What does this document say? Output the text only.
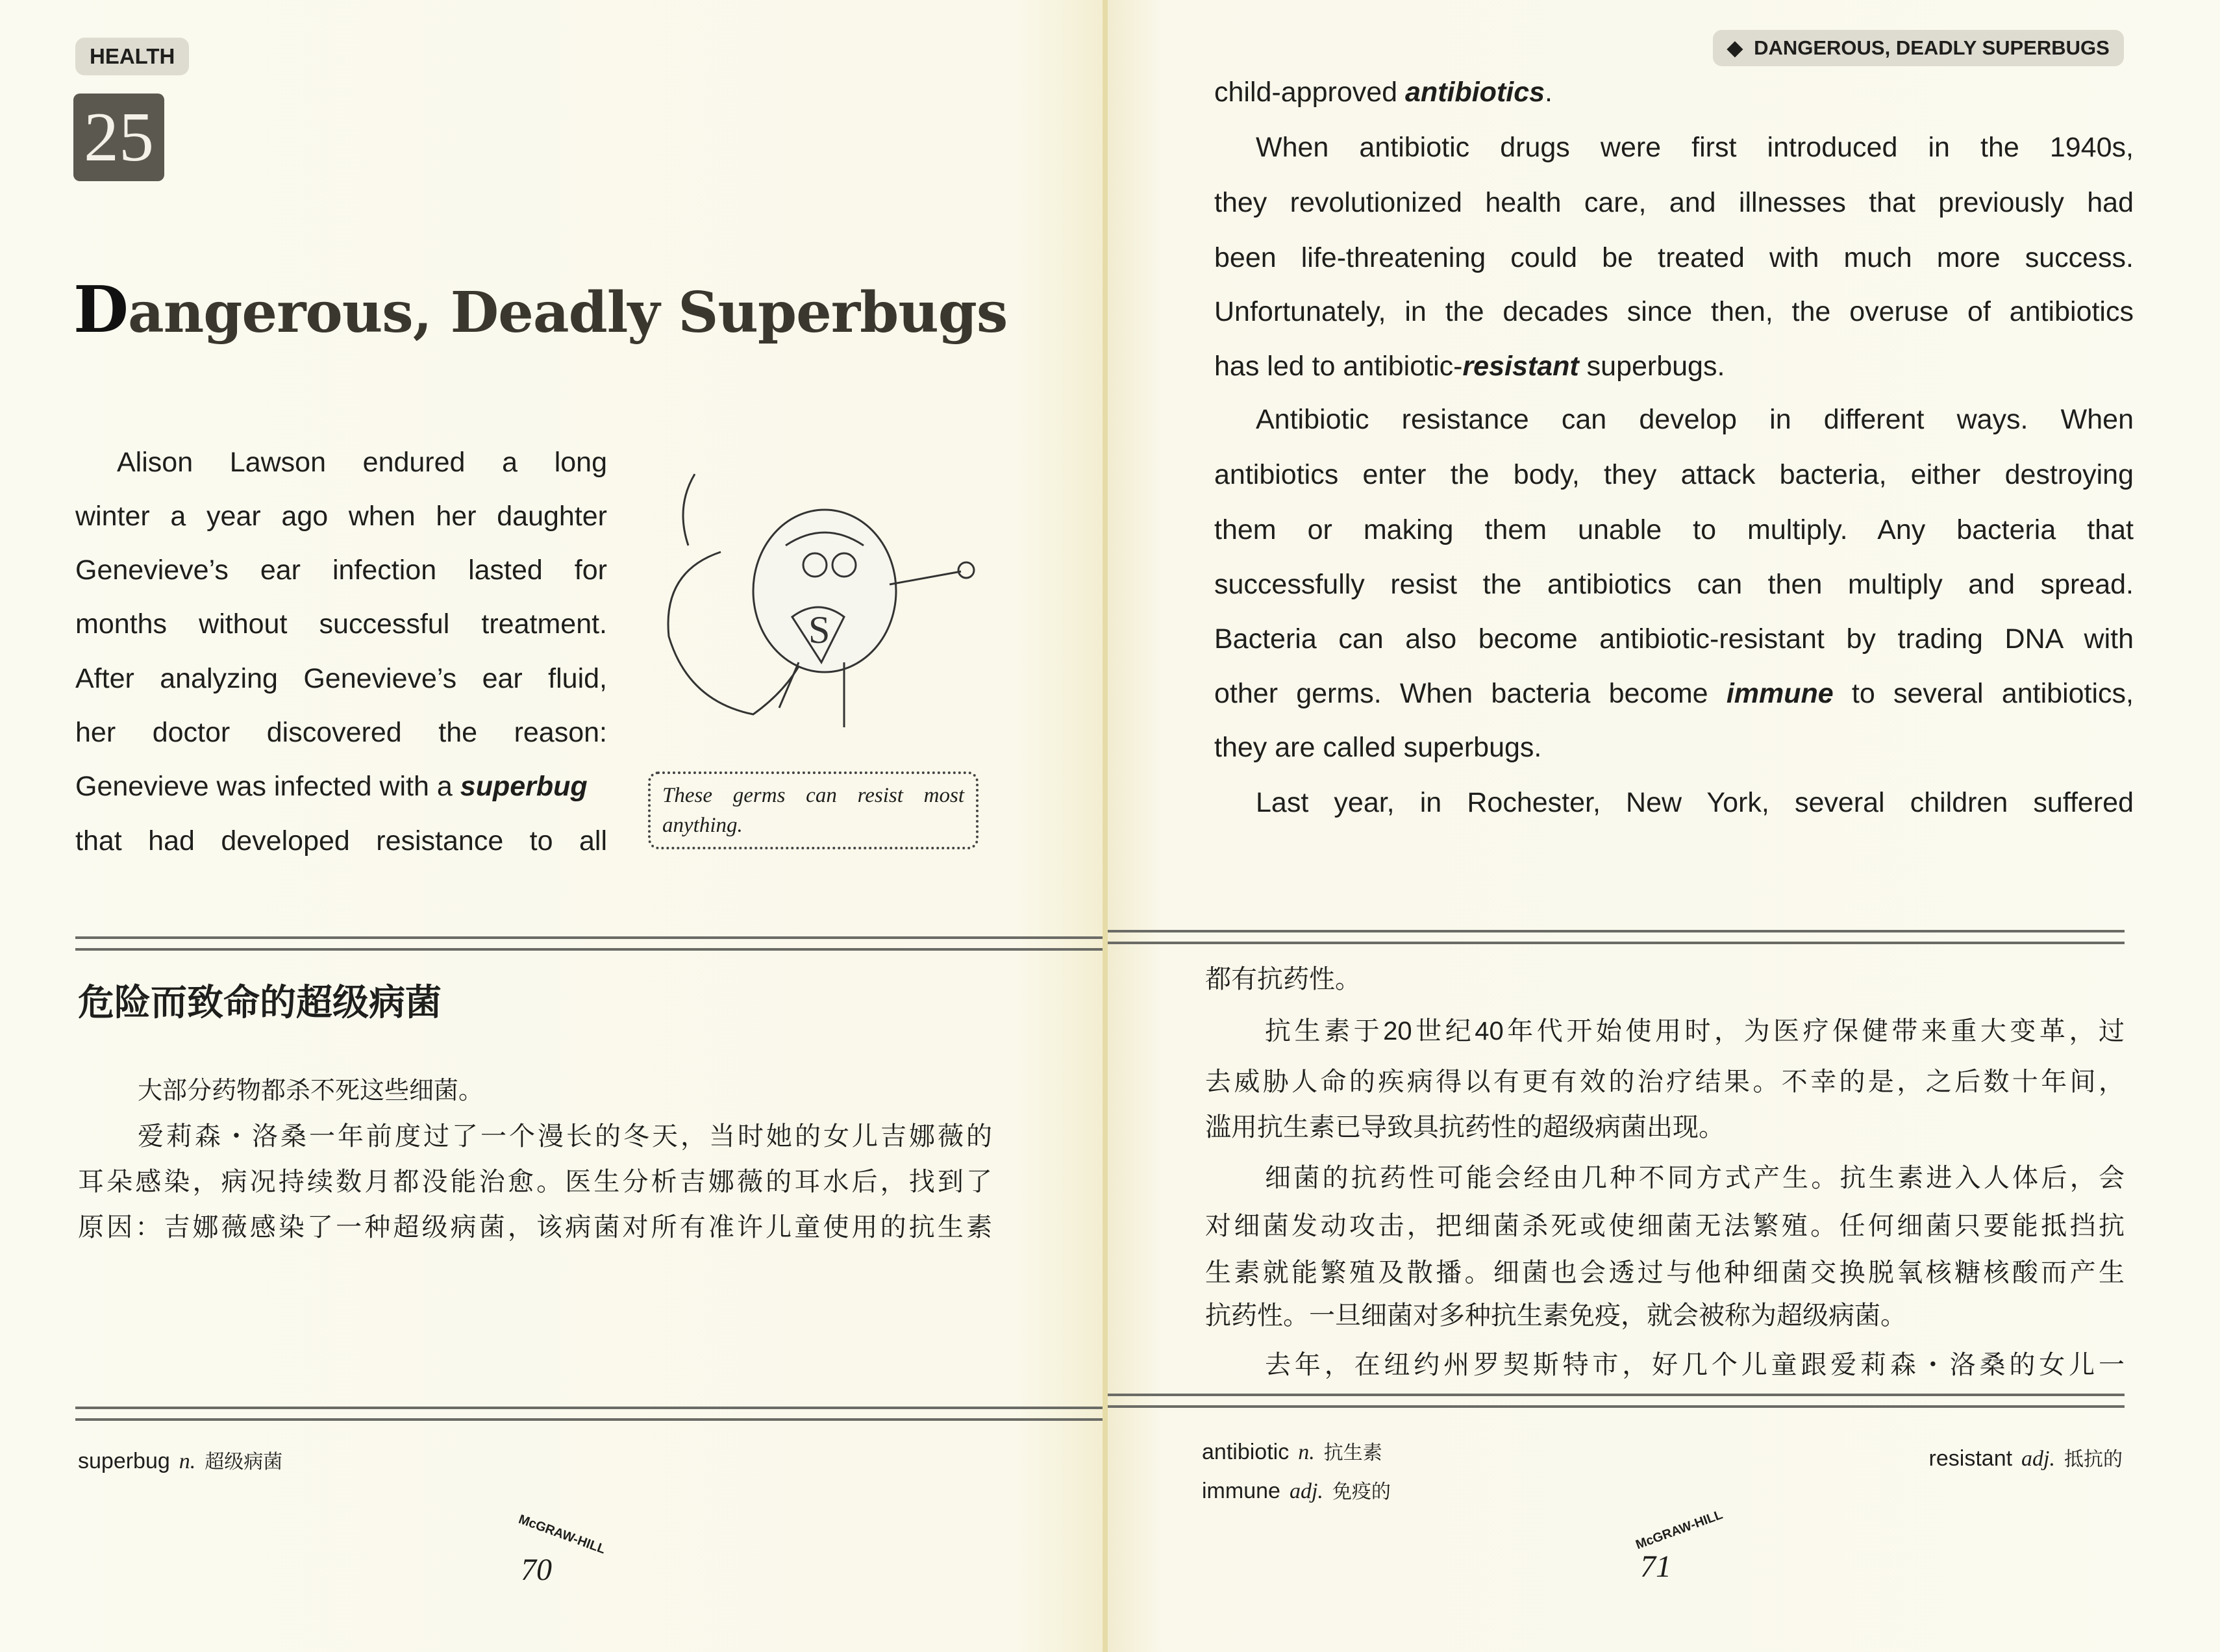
HEALTH
25
Dangerous, Deadly Superbugs
Alison Lawson endured a long
winter a year ago when her daughter
Genevieve’s ear infection lasted for
months without successful treatment.
After analyzing Genevieve’s ear fluid,
her doctor discovered the reason:
Genevieve was infected with a superbug
that had developed resistance to all
S
These germs can resist most
anything.
危险而致命的超级病菌
大部分药物都杀不死这些细菌。
爱莉森・洛桑一年前度过了一个漫长的冬天，当时她的女儿吉娜薇的
耳朵感染，病况持续数月都没能治愈。医生分析吉娜薇的耳水后，找到了
原因：吉娜薇感染了一种超级病菌，该病菌对所有准许儿童使用的抗生素
superbug n. 超级病菌
McGRAW-HILL
70
◆  DANGEROUS, DEADLY SUPERBUGS
child-approved antibiotics.
When antibiotic drugs were first introduced in the 1940s,
they revolutionized health care, and illnesses that previously had
been life-threatening could be treated with much more success.
Unfortunately, in the decades since then, the overuse of antibiotics
has led to antibiotic-resistant superbugs.
Antibiotic resistance can develop in different ways. When
antibiotics enter the body, they attack bacteria, either destroying
them or making them unable to multiply. Any bacteria that
successfully resist the antibiotics can then multiply and spread.
Bacteria can also become antibiotic-resistant by trading DNA with
other germs. When bacteria become immune to several antibiotics,
they are called superbugs.
Last year, in Rochester, New York, several children suffered
都有抗药性。
抗生素于20世纪40年代开始使用时，为医疗保健带来重大变革，过
去威胁人命的疾病得以有更有效的治疗结果。不幸的是，之后数十年间，
滥用抗生素已导致具抗药性的超级病菌出现。
细菌的抗药性可能会经由几种不同方式产生。抗生素进入人体后，会
对细菌发动攻击，把细菌杀死或使细菌无法繁殖。任何细菌只要能抵挡抗
生素就能繁殖及散播。细菌也会透过与他种细菌交换脱氧核糖核酸而产生
抗药性。一旦细菌对多种抗生素免疫，就会被称为超级病菌。
去年，在纽约州罗契斯特市，好几个儿童跟爱莉森・洛桑的女儿一
antibiotic n. 抗生素
immune adj. 免疫的
resistant adj. 抵抗的
McGRAW-HILL
71
